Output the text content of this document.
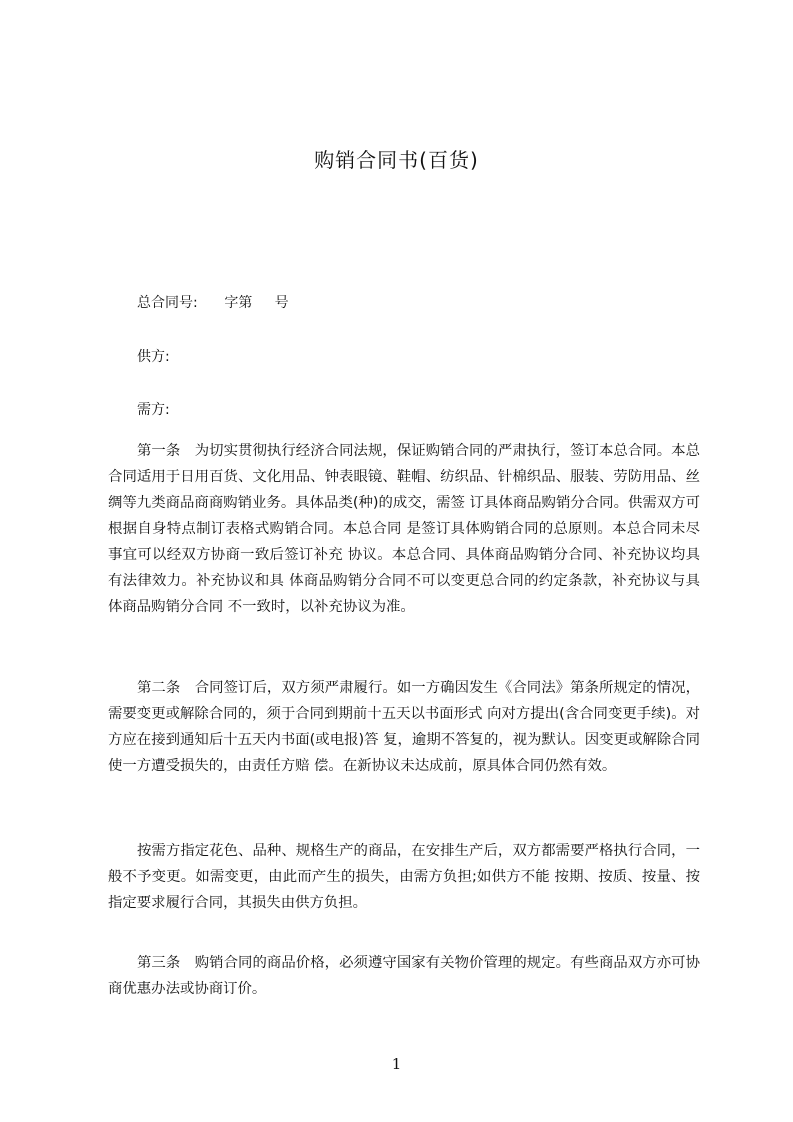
购销合同书(百货)
总合同号:      字第     号
供方:
需方:

第一条　为切实贯彻执行经济合同法规，保证购销合同的严肃执行，签订本总合同。本总合同适用于日用百货、文化用品、钟表眼镜、鞋帽、纺织品、针棉织品、服装、劳防用品、丝绸等九类商品商商购销业务。具体品类(种)的成交，需签 订具体商品购销分合同。供需双方可根据自身特点制订表格式购销合同。本总合同 是签订具体购销合同的总原则。本总合同未尽事宜可以经双方协商一致后签订补充 协议。本总合同、具体商品购销分合同、补充协议均具有法律效力。补充协议和具 体商品购销分合同不可以变更总合同的约定条款，补充协议与具体商品购销分合同 不一致时，以补充协议为准。

第二条　合同签订后，双方须严肃履行。如一方确因发生《合同法》第条所规定的情况，需要变更或解除合同的，须于合同到期前十五天以书面形式 向对方提出(含合同变更手续)。对方应在接到通知后十五天内书面(或电报)答 复，逾期不答复的，视为默认。因变更或解除合同使一方遭受损失的，由责任方赔 偿。在新协议未达成前，原具体合同仍然有效。

按需方指定花色、品种、规格生产的商品，在安排生产后，双方都需要严格执行合同，一般不予变更。如需变更，由此而产生的损失，由需方负担;如供方不能 按期、按质、按量、按指定要求履行合同，其损失由供方负担。

第三条　购销合同的商品价格，必须遵守国家有关物价管理的规定。有些商品双方亦可协商优惠办法或协商订价。

1
